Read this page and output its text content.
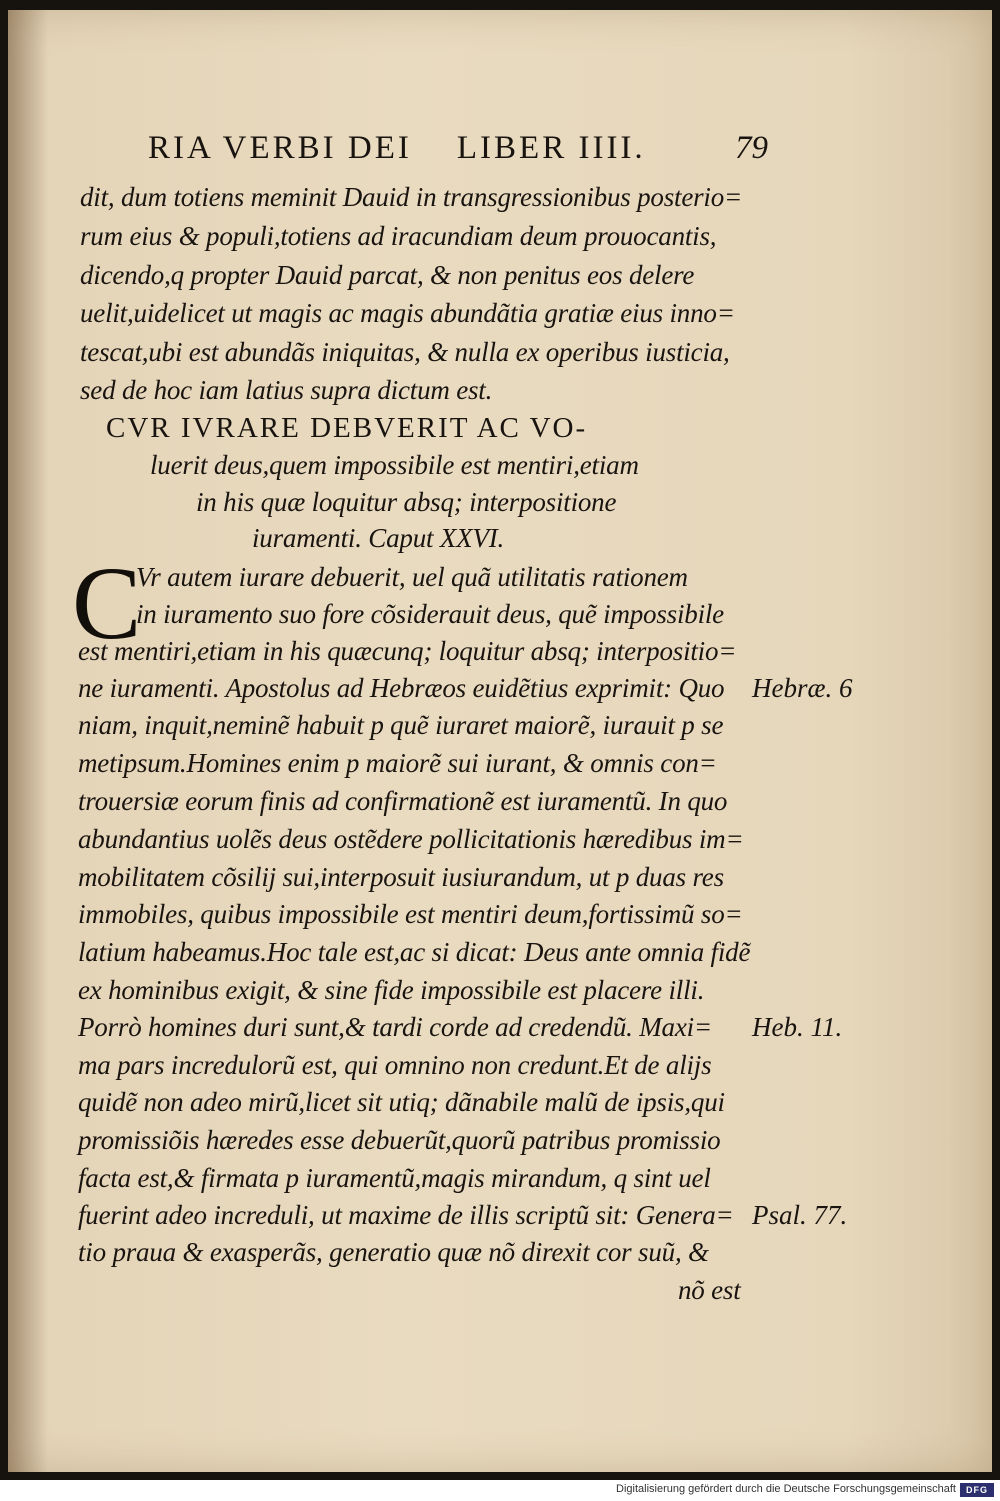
RIA VERBI DEI    LIBER IIII.	79
dit, dum totiens meminit Dauid in transgressionibus posterio=
rum eius & populi,totiens ad iracundiam deum prouocantis,
dicendo,q propter Dauid parcat, & non penitus eos delere
uelit,uidelicet ut magis ac magis abundãtia gratiæ eius inno=
tescat,ubi est abundãs iniquitas, & nulla ex operibus iusticia,
sed de hoc iam latius supra dictum est.
CVR IVRARE DEBVERIT AC VO-
luerit deus,quem impossibile est mentiri,etiam
in his quæ loquitur absq; interpositione
iuramenti. Caput XXVI.
C
Vr autem iurare debuerit, uel quã utilitatis rationem
in iuramento suo fore cõsiderauit deus, quẽ impossibile
est mentiri,etiam in his quæcunq; loquitur absq; interpositio=
ne iuramenti. Apostolus ad Hebræos euidẽtius exprimit: Quo
niam, inquit,neminẽ habuit p quẽ iuraret maiorẽ, iurauit p se
metipsum.Homines enim p maiorẽ sui iurant, & omnis con=
trouersiæ eorum finis ad confirmationẽ est iuramentũ. In quo
abundantius uolẽs deus ostẽdere pollicitationis hæredibus im=
mobilitatem cõsilij sui,interposuit iusiurandum, ut p duas res
immobiles, quibus impossibile est mentiri deum,fortissimũ so=
latium habeamus.Hoc tale est,ac si dicat: Deus ante omnia fidẽ
ex hominibus exigit, & sine fide impossibile est placere illi.
Porrò homines duri sunt,& tardi corde ad credendũ. Maxi=
ma pars incredulorũ est, qui omnino non credunt.Et de alijs
quidẽ non adeo mirũ,licet sit utiq; dãnabile malũ de ipsis,qui
promissiõis hæredes esse debuerũt,quorũ patribus promissio
facta est,& firmata p iuramentũ,magis mirandum, q sint uel
fuerint adeo increduli, ut maxime de illis scriptũ sit: Genera=
tio praua & exasperãs, generatio quæ nõ direxit cor suũ, &
nõ est
Hebræ. 6
Heb. 11.
Psal. 77.
Digitalisierung gefördert durch die Deutsche Forschungsgemeinschaft	DFG
